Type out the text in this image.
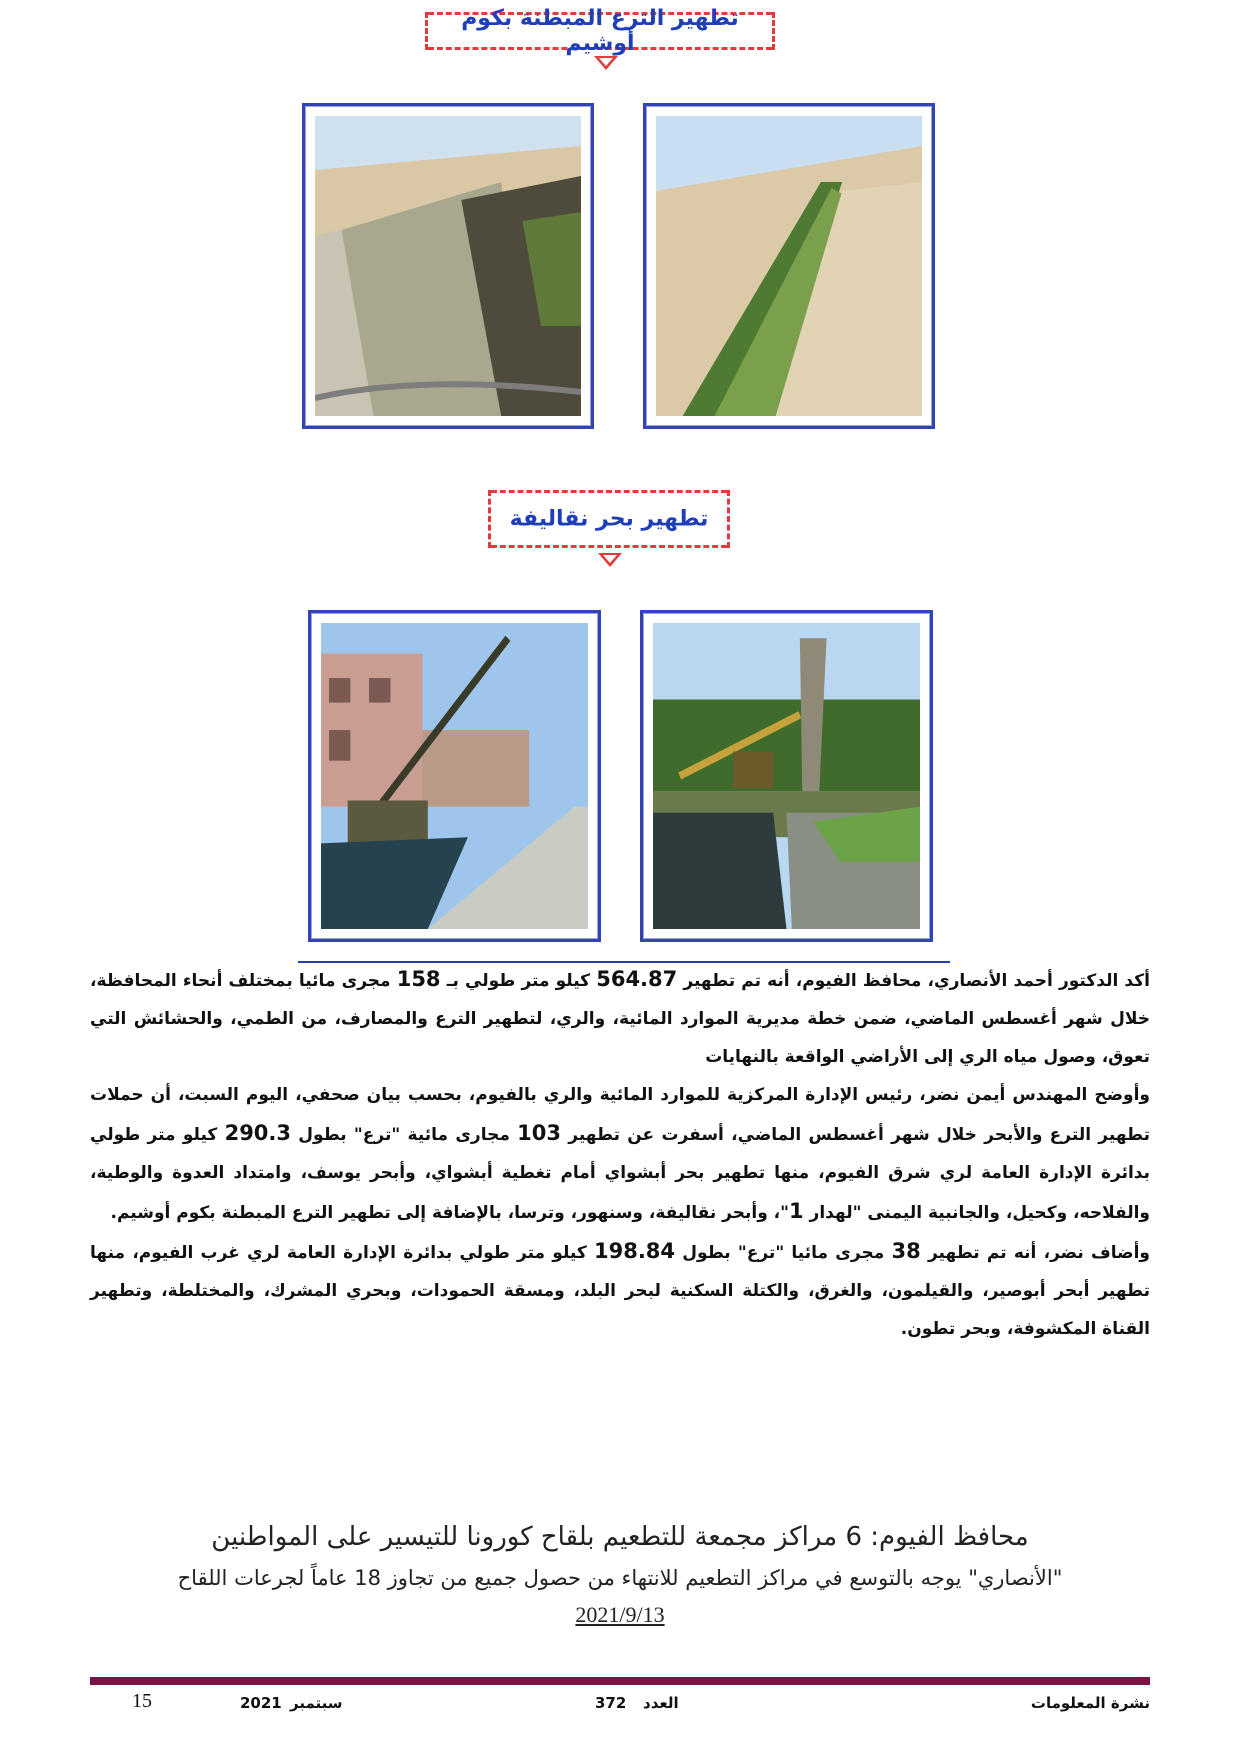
تطهير الترع المبطنة بكوم أوشيم
تطهير بحر نقاليفة

أكد الدكتور أحمد الأنصاري، محافظ الفيوم، أنه تم تطهير 564.87 كيلو متر طولي بـ 158 مجرى مائيا بمختلف أنحاء المحافظة، خلال شهر أغسطس الماضي، ضمن خطة مديرية الموارد المائية، والري، لتطهير الترع والمصارف، من الطمي، والحشائش التي تعوق، وصول مياه الري إلى الأراضي الواقعة بالنهايات

وأوضح المهندس أيمن نضر، رئيس الإدارة المركزية للموارد المائية والري بالفيوم، بحسب بيان صحفي، اليوم السبت، أن حملات تطهير الترع والأبحر خلال شهر أغسطس الماضي، أسفرت عن تطهير 103 مجارى مائية "ترع" بطول 290.3 كيلو متر طولي بدائرة الإدارة العامة لري شرق الفيوم، منها تطهير بحر أبشواي أمام تغطية أبشواي، وأبحر يوسف، وامتداد العدوة والوطية، والفلاحه، وكحيل، والجانبية اليمنى "لهدار 1"، وأبحر نقاليفة، وسنهور، وترسا، بالإضافة إلى تطهير الترع المبطنة بكوم أوشيم.

وأضاف نضر، أنه تم تطهير 38 مجرى مائيا "ترع" بطول 198.84 كيلو متر طولي بدائرة الإدارة العامة لري غرب الفيوم، منها تطهير أبحر أبوصير، والقيلمون، والغرق، والكتلة السكنية لبحر البلد، ومسقة الحمودات، وبحري المشرك، والمختلطة، وتطهير القناة المكشوفة، وبحر تطون.

محافظ الفيوم: 6 مراكز مجمعة للتطعيم بلقاح كورونا للتيسير على المواطنين
"الأنصاري" يوجه بالتوسع في مراكز التطعيم للانتهاء من حصول جميع من تجاوز 18 عاماً لجرعات اللقاح
2021/9/13
15	2021 سبتمبر	372 العدد	نشرة المعلومات
